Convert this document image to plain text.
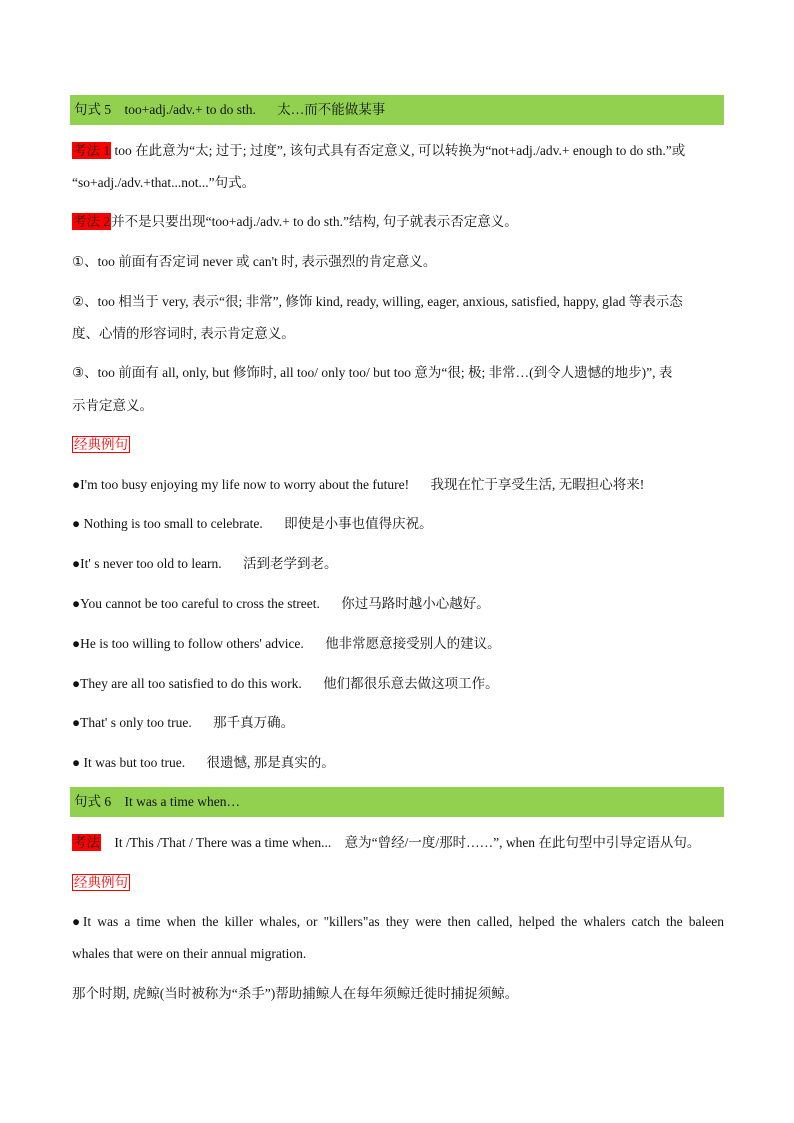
句式 5 too+adj./adv.+ to do sth. 太…而不能做某事
考法 1 too 在此意为“太; 过于; 过度”, 该句式具有否定意义, 可以转换为“not+adj./adv.+ enough to do sth.”或
“so+adj./adv.+that...not...”句式。
考法 2并不是只要出现“too+adj./adv.+ to do sth.”结构, 句子就表示否定意义。
①、too 前面有否定词 never 或 can't 时, 表示强烈的肯定意义。
②、too 相当于 very, 表示“很; 非常”, 修饰 kind, ready, willing, eager, anxious, satisfied, happy, glad 等表示态
度、心情的形容词时, 表示肯定意义。
③、too 前面有 all, only, but 修饰时, all too/ only too/ but too 意为“很; 极; 非常…(到令人遗憾的地步)”, 表
示肯定意义。
经典例句
●I'm too busy enjoying my life now to worry about the future! 我现在忙于享受生活, 无暇担心将来!
● Nothing is too small to celebrate. 即使是小事也值得庆祝。
●It' s never too old to learn. 活到老学到老。
●You cannot be too careful to cross the street. 你过马路时越小心越好。
●He is too willing to follow others' advice. 他非常愿意接受别人的建议。
●They are all too satisfied to do this work. 他们都很乐意去做这项工作。
●That' s only too true. 那千真万确。
● It was but too true. 很遗憾, 那是真实的。
句式 6 It was a time when…
考法 It /This /That / There was a time when... 意为“曾经/一度/那时……”, when 在此句型中引导定语从句。
经典例句
●It was a time when the killer whales, or "killers"as they were then called, helped the whalers catch the baleen
whales that were on their annual migration.
那个时期, 虎鲸(当时被称为“杀手”)帮助捕鲸人在每年须鲸迁徙时捕捉须鲸。
